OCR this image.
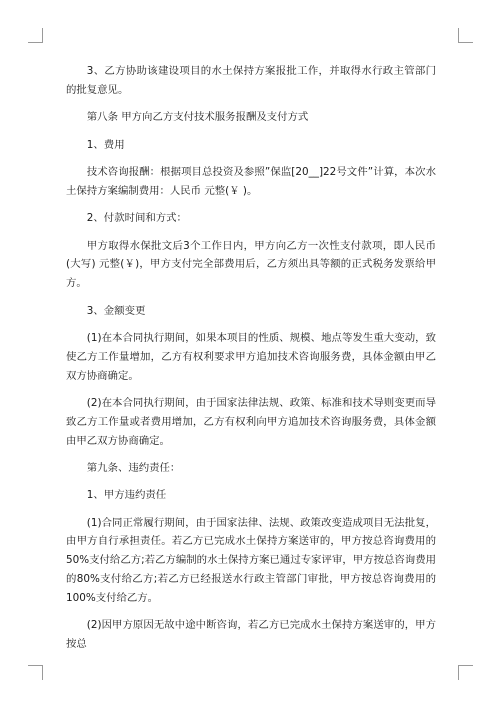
3、乙方协助该建设项目的水土保持方案报批工作，并取得水行政主管部门的批复意见。

第八条 甲方向乙方支付技术服务报酬及支付方式

1、费用

技术咨询报酬：根据项目总投资及参照”保监[20__]22号文件”计算，本次水土保持方案编制费用：人民币 元整(￥ )。

2、付款时间和方式：

甲方取得水保批文后3个工作日内，甲方向乙方一次性支付款项，即人民币(大写) 元整(￥)，甲方支付完全部费用后，乙方须出具等额的正式税务发票给甲方。

3、金额变更

(1)在本合同执行期间，如果本项目的性质、规模、地点等发生重大变动，致使乙方工作量增加，乙方有权利要求甲方追加技术咨询服务费，具体金额由甲乙双方协商确定。

(2)在本合同执行期间，由于国家法律法规、政策、标准和技术导则变更而导致乙方工作量或者费用增加，乙方有权利向甲方追加技术咨询服务费，具体金额由甲乙双方协商确定。

第九条、违约责任：

1、甲方违约责任

(1)合同正常履行期间，由于国家法律、法规、政策改变造成项目无法批复，由甲方自行承担责任。若乙方已完成水土保持方案送审的，甲方按总咨询费用的50%支付给乙方;若乙方编制的水土保持方案已通过专家评审，甲方按总咨询费用的80%支付给乙方;若乙方已经报送水行政主管部门审批，甲方按总咨询费用的100%支付给乙方。

(2)因甲方原因无故中途中断咨询，若乙方已完成水土保持方案送审的，甲方按总
